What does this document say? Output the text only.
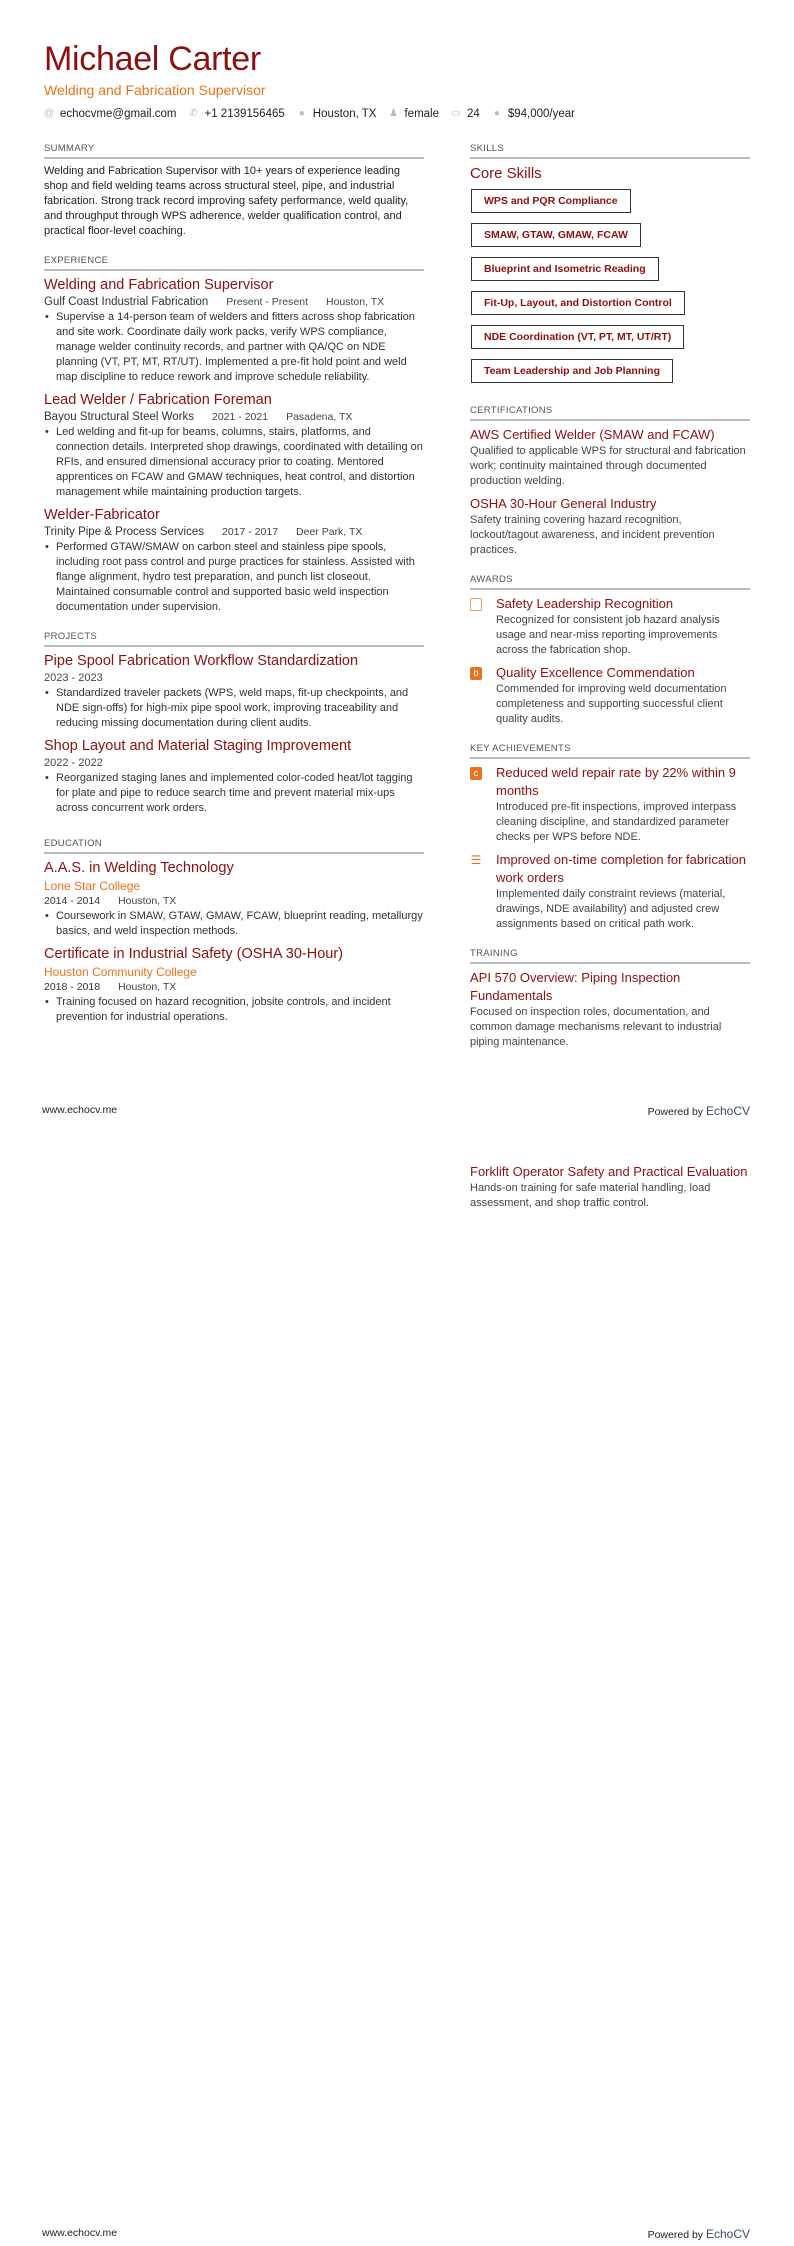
Michael Carter
Welding and Fabrication Supervisor
@ echocvme@gmail.com ✆ +1 2139156465 ● Houston, TX ♟ female ▭ 24 ● $94,000/year
SUMMARY
Welding and Fabrication Supervisor with 10+ years of experience leading shop and field welding teams across structural steel, pipe, and industrial fabrication. Strong track record improving safety performance, weld quality, and throughput through WPS adherence, welder qualification control, and practical floor-level coaching.
EXPERIENCE
Welding and Fabrication Supervisor
Gulf Coast Industrial Fabrication Present - Present Houston, TX
• Supervise a 14-person team of welders and fitters across shop fabrication and site work. Coordinate daily work packs, verify WPS compliance, manage welder continuity records, and partner with QA/QC on NDE planning (VT, PT, MT, RT/UT). Implemented a pre-fit hold point and weld map discipline to reduce rework and improve schedule reliability.
Lead Welder / Fabrication Foreman
Bayou Structural Steel Works 2021 - 2021 Pasadena, TX
• Led welding and fit-up for beams, columns, stairs, platforms, and connection details. Interpreted shop drawings, coordinated with detailing on RFIs, and ensured dimensional accuracy prior to coating. Mentored apprentices on FCAW and GMAW techniques, heat control, and distortion management while maintaining production targets.
Welder-Fabricator
Trinity Pipe & Process Services 2017 - 2017 Deer Park, TX
• Performed GTAW/SMAW on carbon steel and stainless pipe spools, including root pass control and purge practices for stainless. Assisted with flange alignment, hydro test preparation, and punch list closeout. Maintained consumable control and supported basic weld inspection documentation under supervision.
PROJECTS
Pipe Spool Fabrication Workflow Standardization
2023 - 2023
• Standardized traveler packets (WPS, weld maps, fit-up checkpoints, and NDE sign-offs) for high-mix pipe spool work, improving traceability and reducing missing documentation during client audits.
Shop Layout and Material Staging Improvement
2022 - 2022
• Reorganized staging lanes and implemented color-coded heat/lot tagging for plate and pipe to reduce search time and prevent material mix-ups across concurrent work orders.
EDUCATION
A.A.S. in Welding Technology
Lone Star College
2014 - 2014 Houston, TX
• Coursework in SMAW, GTAW, GMAW, FCAW, blueprint reading, metallurgy basics, and weld inspection methods.
Certificate in Industrial Safety (OSHA 30-Hour)
Houston Community College
2018 - 2018 Houston, TX
• Training focused on hazard recognition, jobsite controls, and incident prevention for industrial operations.
SKILLS
Core Skills
WPS and PQR Compliance
SMAW, GTAW, GMAW, FCAW
Blueprint and Isometric Reading
Fit-Up, Layout, and Distortion Control
NDE Coordination (VT, PT, MT, UT/RT)
Team Leadership and Job Planning
CERTIFICATIONS
AWS Certified Welder (SMAW and FCAW)
Qualified to applicable WPS for structural and fabrication work; continuity maintained through documented production welding.
OSHA 30-Hour General Industry
Safety training covering hazard recognition, lockout/tagout awareness, and incident prevention practices.
AWARDS
Safety Leadership Recognition
Recognized for consistent job hazard analysis usage and near-miss reporting improvements across the fabrication shop.
b Quality Excellence Commendation
Commended for improving weld documentation completeness and supporting successful client quality audits.
KEY ACHIEVEMENTS
c Reduced weld repair rate by 22% within 9 months
Introduced pre-fit inspections, improved interpass cleaning discipline, and standardized parameter checks per WPS before NDE.
☰ Improved on-time completion for fabrication work orders
Implemented daily constraint reviews (material, drawings, NDE availability) and adjusted crew assignments based on critical path work.
TRAINING
API 570 Overview: Piping Inspection Fundamentals
Focused on inspection roles, documentation, and common damage mechanisms relevant to industrial piping maintenance.
www.echocv.me	Powered by EchoCV
Forklift Operator Safety and Practical Evaluation
Hands-on training for safe material handling, load assessment, and shop traffic control.
www.echocv.me	Powered by EchoCV
